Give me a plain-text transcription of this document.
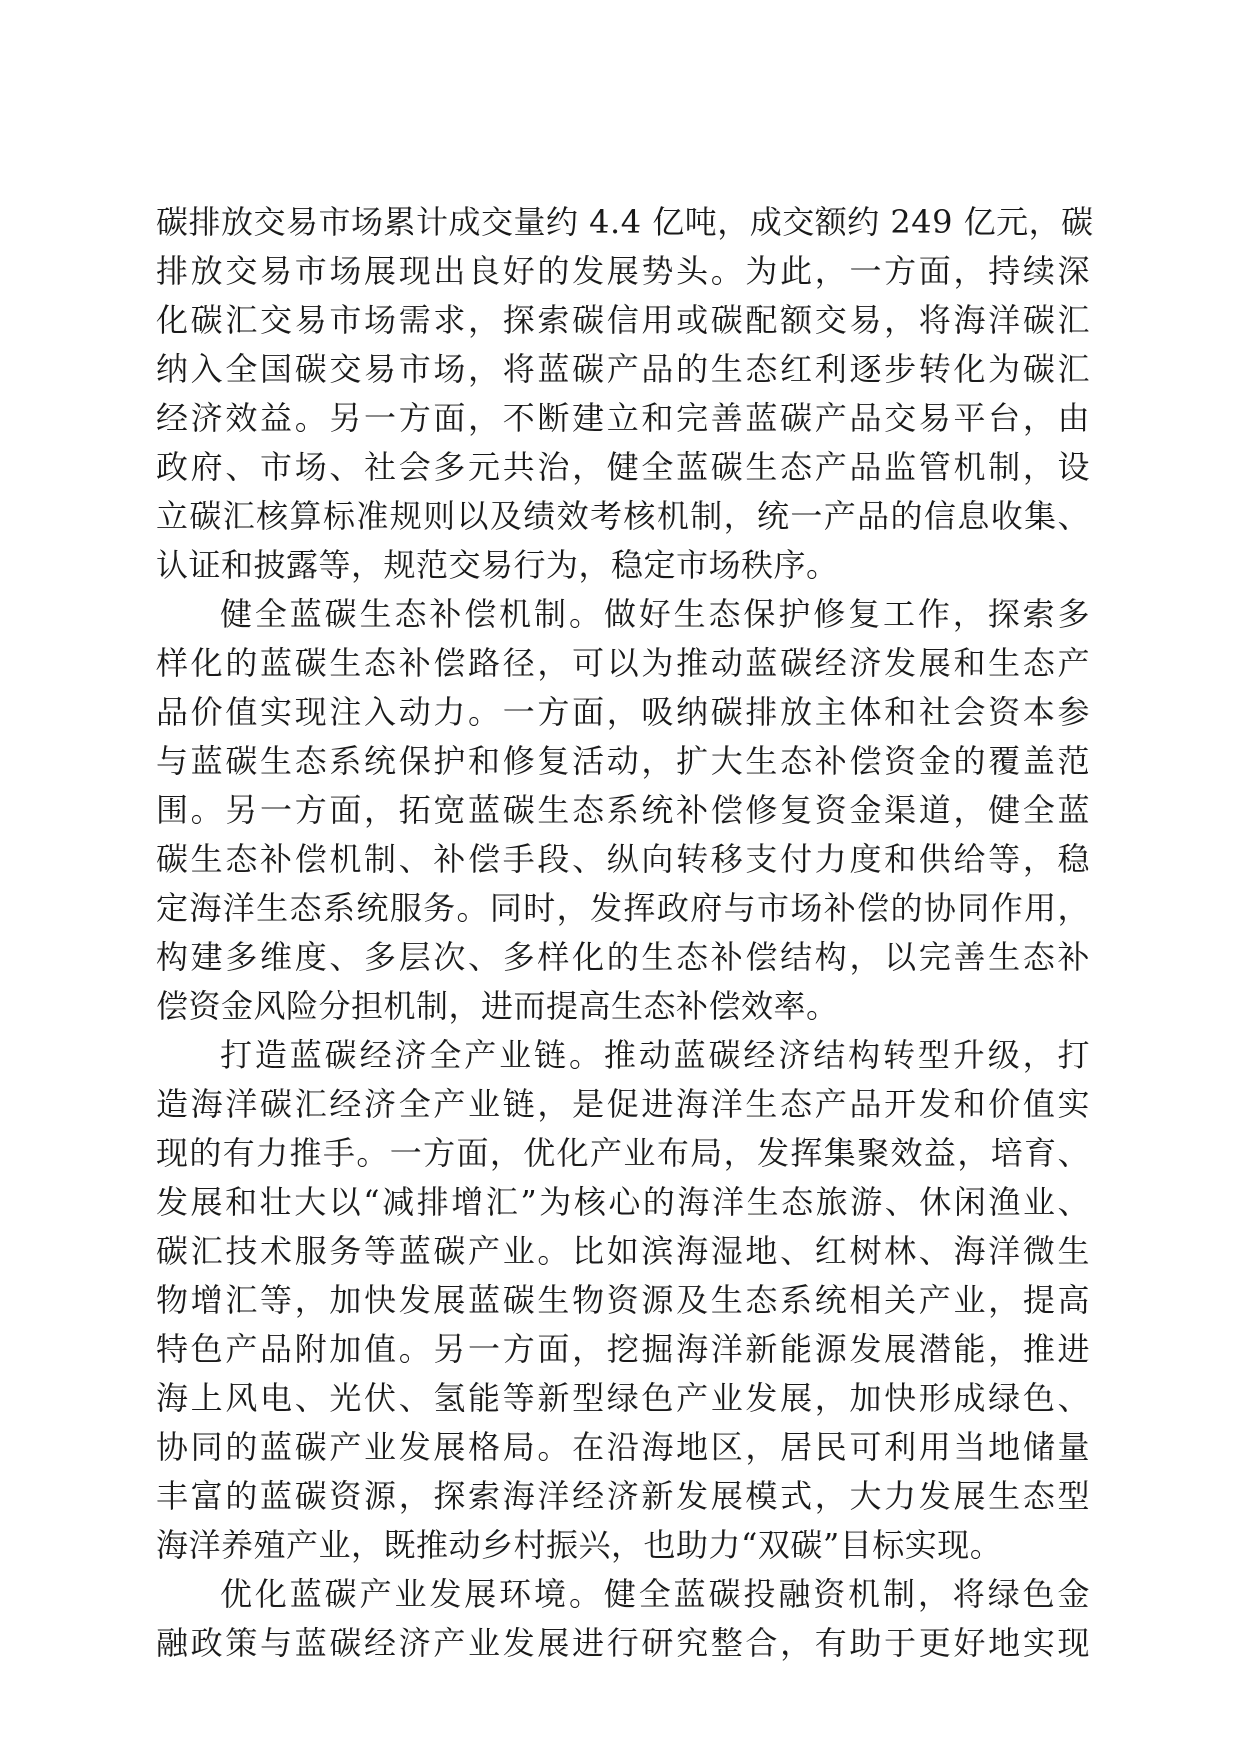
碳排放交易市场累计成交量约 4.4 亿吨，成交额约 249 亿元，碳
排放交易市场展现出良好的发展势头。为此，一方面，持续深
化碳汇交易市场需求，探索碳信用或碳配额交易，将海洋碳汇
纳入全国碳交易市场，将蓝碳产品的生态红利逐步转化为碳汇
经济效益。另一方面，不断建立和完善蓝碳产品交易平台，由
政府、市场、社会多元共治，健全蓝碳生态产品监管机制，设
立碳汇核算标准规则以及绩效考核机制，统一产品的信息收集、
认证和披露等，规范交易行为，稳定市场秩序。
健全蓝碳生态补偿机制。做好生态保护修复工作，探索多
样化的蓝碳生态补偿路径，可以为推动蓝碳经济发展和生态产
品价值实现注入动力。一方面，吸纳碳排放主体和社会资本参
与蓝碳生态系统保护和修复活动，扩大生态补偿资金的覆盖范
围。另一方面，拓宽蓝碳生态系统补偿修复资金渠道，健全蓝
碳生态补偿机制、补偿手段、纵向转移支付力度和供给等，稳
定海洋生态系统服务。同时，发挥政府与市场补偿的协同作用，
构建多维度、多层次、多样化的生态补偿结构，以完善生态补
偿资金风险分担机制，进而提高生态补偿效率。
打造蓝碳经济全产业链。推动蓝碳经济结构转型升级，打
造海洋碳汇经济全产业链，是促进海洋生态产品开发和价值实
现的有力推手。一方面，优化产业布局，发挥集聚效益，培育、
发展和壮大以“减排增汇”为核心的海洋生态旅游、休闲渔业、
碳汇技术服务等蓝碳产业。比如滨海湿地、红树林、海洋微生
物增汇等，加快发展蓝碳生物资源及生态系统相关产业，提高
特色产品附加值。另一方面，挖掘海洋新能源发展潜能，推进
海上风电、光伏、氢能等新型绿色产业发展，加快形成绿色、
协同的蓝碳产业发展格局。在沿海地区，居民可利用当地储量
丰富的蓝碳资源，探索海洋经济新发展模式，大力发展生态型
海洋养殖产业，既推动乡村振兴，也助力“双碳”目标实现。
优化蓝碳产业发展环境。健全蓝碳投融资机制，将绿色金
融政策与蓝碳经济产业发展进行研究整合，有助于更好地实现
